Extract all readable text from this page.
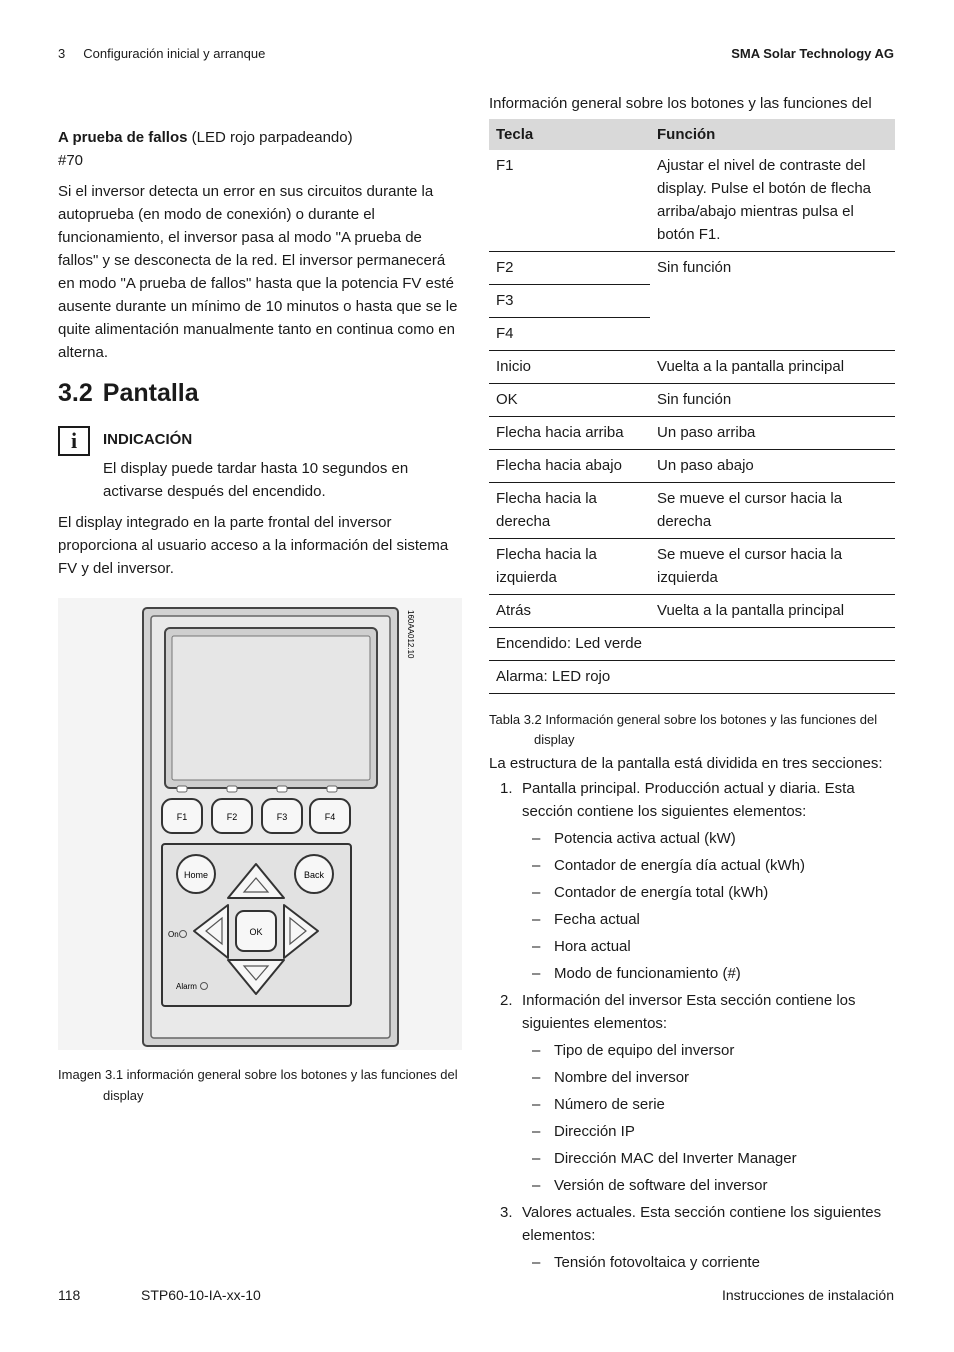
3 Configuración inicial y arranque	SMA Solar Technology AG
A prueba de fallos (LED rojo parpadeando)
#70
Si el inversor detecta un error en sus circuitos durante la autoprueba (en modo de conexión) o durante el funcionamiento, el inversor pasa al modo "A prueba de fallos" y se desconecta de la red. El inversor permanecerá en modo "A prueba de fallos" hasta que la potencia FV esté ausente durante un mínimo de 10 minutos o hasta que se le quite alimentación manualmente tanto en continua como en alterna.
3.2 Pantalla
i	INDICACIÓN
El display puede tardar hasta 10 segundos en activarse después del encendido.
El display integrado en la parte frontal del inversor proporciona al usuario acceso a la información del sistema FV y del inversor.
F1	F2	F3	F4
Home	Back
OK
On
Alarm
160AA012.10
Imagen 3.1 información general sobre los botones y las funciones del display
Información general sobre los botones y las funciones del
Tecla	Función
F1	Ajustar el nivel de contraste del display. Pulse el botón de flecha arriba/abajo mientras pulsa el botón F1.
F2	Sin función
F3	
F4	
Inicio	Vuelta a la pantalla principal
OK	Sin función
Flecha hacia arriba	Un paso arriba
Flecha hacia abajo	Un paso abajo
Flecha hacia la derecha	Se mueve el cursor hacia la derecha
Flecha hacia la izquierda	Se mueve el cursor hacia la izquierda
Atrás	Vuelta a la pantalla principal
Encendido: Led verde	
Alarma: LED rojo	
Tabla 3.2 Información general sobre los botones y las funciones del display
La estructura de la pantalla está dividida en tres secciones:
1. Pantalla principal. Producción actual y diaria. Esta sección contiene los siguientes elementos:
– Potencia activa actual (kW)
– Contador de energía día actual (kWh)
– Contador de energía total (kWh)
– Fecha actual
– Hora actual
– Modo de funcionamiento (#)
2. Información del inversor Esta sección contiene los siguientes elementos:
– Tipo de equipo del inversor
– Nombre del inversor
– Número de serie
– Dirección IP
– Dirección MAC del Inverter Manager
– Versión de software del inversor
3. Valores actuales. Esta sección contiene los siguientes elementos:
– Tensión fotovoltaica y corriente
118	STP60-10-IA-xx-10	Instrucciones de instalación
